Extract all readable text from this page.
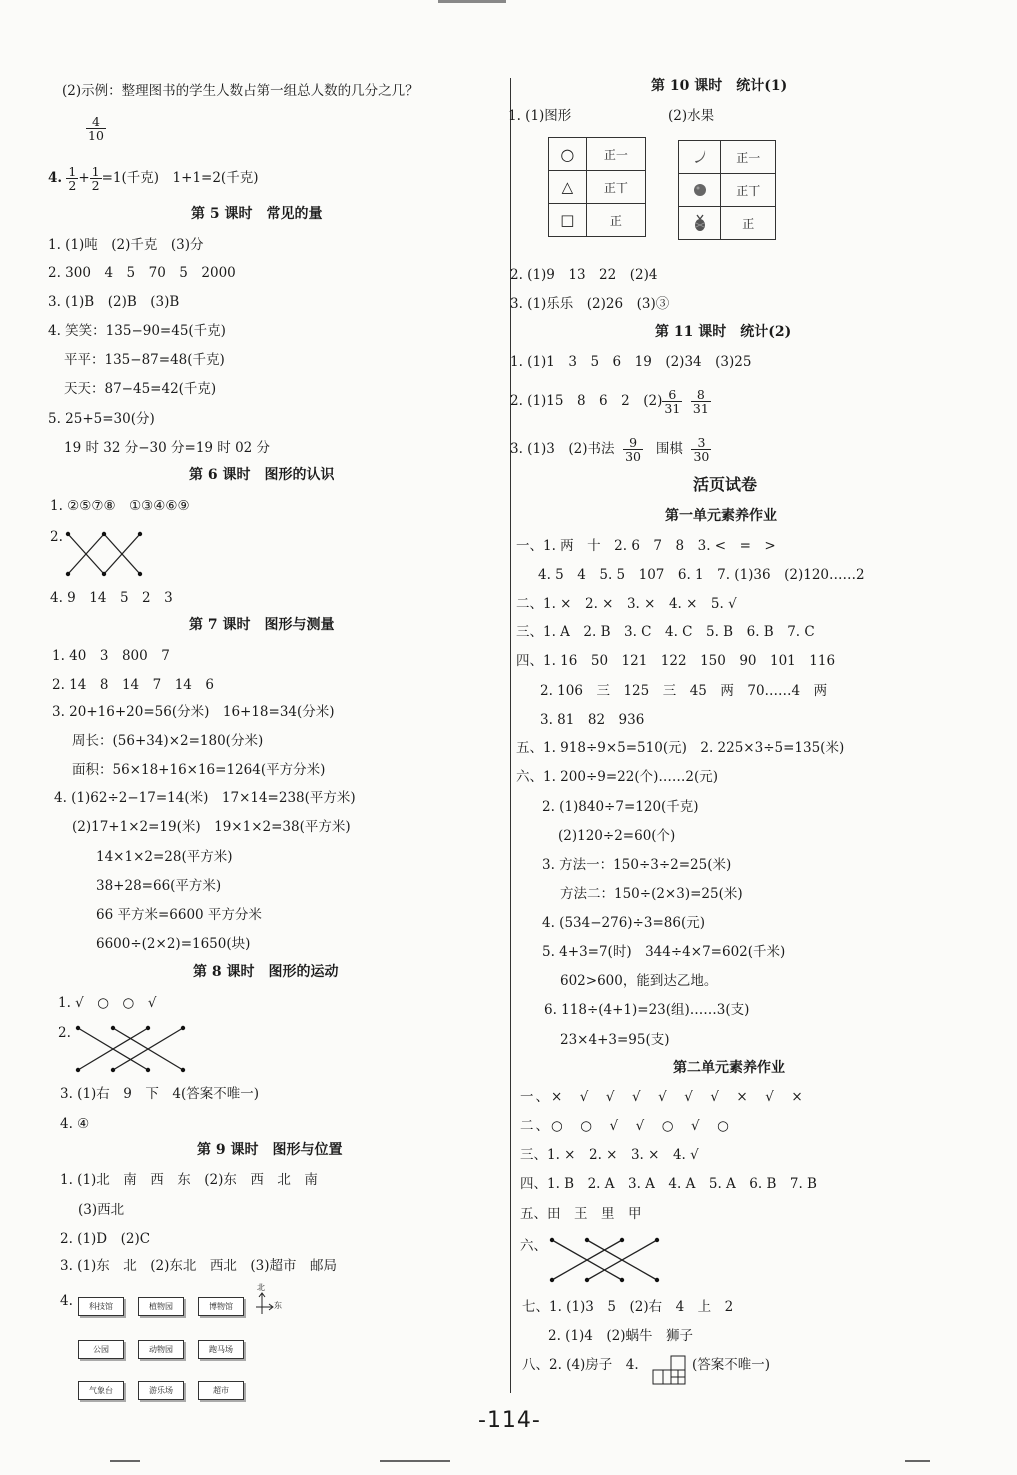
(2)示例：整理图书的学生人数占第一组总人数的几分之几？
$\frac{4}{10}$
4. $\frac{1}{2} + \frac{1}{2} =1$(千克)　1+1=2(千克)
第 5 课时　常见的量
1. (1)吨　(2)千克　(3)分
2. 300　4　5　70　5　2000
3. (1)B　(2)B　(3)B
4. 笑笑：135−90=45(千克)
平平：135−87=48(千克)
天天：87−45=42(千克)
5. 25+5=30(分)
19 时 32 分−30 分=19 时 02 分
第 6 课时　图形的认识
1. ②⑤⑦⑧　①③④⑥⑨
2.
4. 9　14　5　2　3
第 7 课时　图形与测量
1. 40　3　800　7
2. 14　8　14　7　14　6
3. 20+16+20=56(分米)　16+18=34(分米)
周长：(56+34)×2=180(分米)
面积：56×18+16×16=1264(平方分米)
4. (1)62÷2−17=14(米)　17×14=238(平方米)
(2)17+1×2=19(米)　19×1×2=38(平方米)
14×1×2=28(平方米)
38+28=66(平方米)
66 平方米=6600 平方分米
6600÷(2×2)=1650(块)
第 8 课时　图形的运动
1. √　○　○　√
2.
3. (1)右　9　下　4(答案不唯一)
4. ④
第 9 课时　图形与位置
1. (1)北　南　西　东　(2)东　西　北　南
(3)西北
2. (1)D　(2)C
3. (1)东　北　(2)东北　西北　(3)超市　邮局
4.	科技馆	植物园	博物馆
公园	动物园	跑马场
气象台	游乐场	超市
北
东
第 10 课时　统计(1)
1. (1)图形	(2)水果
○	正一
△	正丅
□	正
	正一
	正丅
	正
2. (1)9　13　22　(2)4
3. (1)乐乐　(2)26　(3)③
第 11 课时　统计(2)
1. (1)1　3　5　6　19　(2)34　(3)25
2. (1)15　8　6　2　$(2) \frac{6}{31}$
$\frac{8}{31}$
3. (1)3　(2)书法 $\frac{9}{30}$ 围棋 $\frac{3}{30}$
活页试卷
第一单元素养作业
一、1. 两　十　2. 6　7　8　3. <　=　>
4. 5　4　5. 5　107　6. 1　7. (1)36　(2)120……2
二、1. ×　2. ×　3. ×　4. ×　5. √
三、1. A　2. B　3. C　4. C　5. B　6. B　7. C
四、1. 16　50　121　122　150　90　101　116
2. 106　三　125　三　45　两　70……4　两
3. 81　82　936
五、1. 918÷9×5=510(元)　2. 225×3÷5=135(米)
六、1. 200÷9=22(个)……2(元)
2. (1)840÷7=120(千克)
(2)120÷2=60(个)
3. 方法一：150÷3÷2=25(米)
方法二：150÷(2×3)=25(米)
4. (534−276)÷3=86(元)
5. 4+3=7(时)　344÷4×7=602(千米)
602>600，能到达乙地。
6. 118÷(4+1)=23(组)……3(支)
23×4+3=95(支)
第二单元素养作业
一、×　√　√　√　√　√　√　×　√　×
二、○　○　√　√　○　√　○
三、1. ×　2. ×　3. ×　4. √
四、1. B　2. A　3. A　4. A　5. A　6. B　7. B
五、田　王　里　甲
六、
七、1. (1)3　5　(2)右　4　上　2
2. (1)4　(2)蜗牛　狮子
八、2. (4)房子　4.	(答案不唯一)
-114-
